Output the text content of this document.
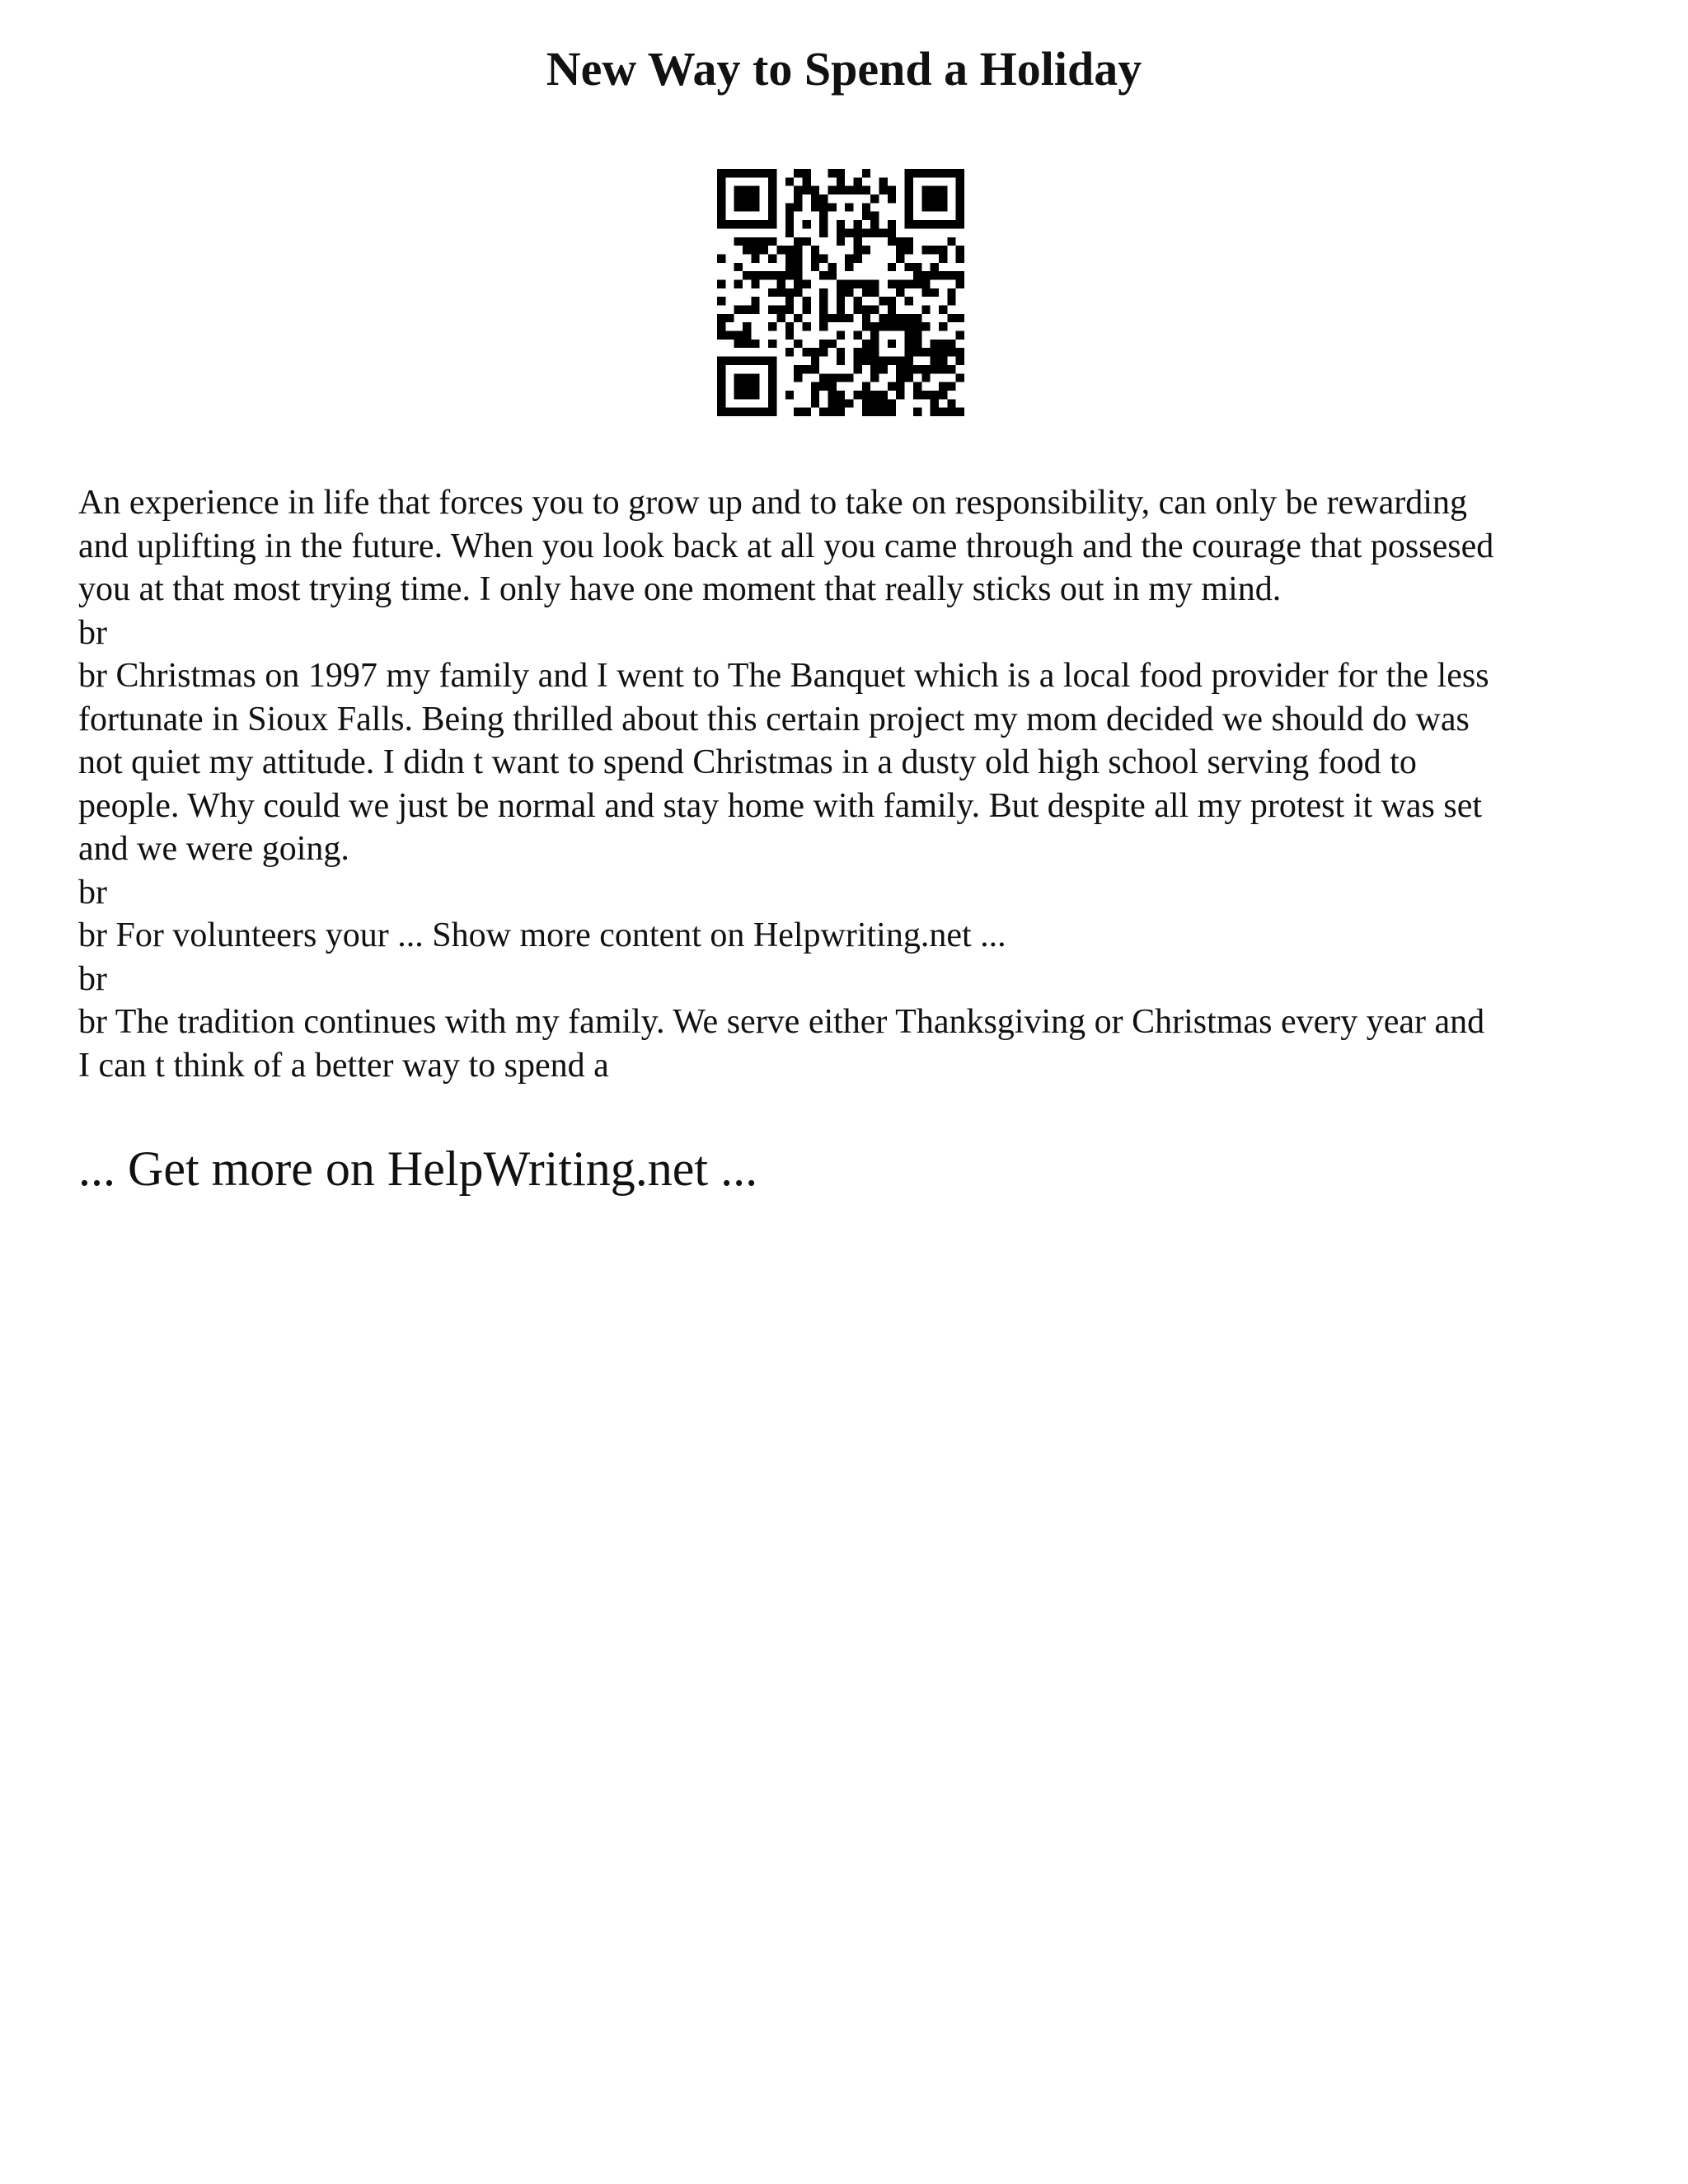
New Way to Spend a Holiday
An experience in life that forces you to grow up and to take on responsibility, can only be rewarding
and uplifting in the future. When you look back at all you came through and the courage that possesed
you at that most trying time. I only have one moment that really sticks out in my mind.
br
br Christmas on 1997 my family and I went to The Banquet which is a local food provider for the less
fortunate in Sioux Falls. Being thrilled about this certain project my mom decided we should do was
not quiet my attitude. I didn t want to spend Christmas in a dusty old high school serving food to
people. Why could we just be normal and stay home with family. But despite all my protest it was set
and we were going.
br
br For volunteers your ... Show more content on Helpwriting.net ...
br
br The tradition continues with my family. We serve either Thanksgiving or Christmas every year and
I can t think of a better way to spend a
... Get more on HelpWriting.net ...
